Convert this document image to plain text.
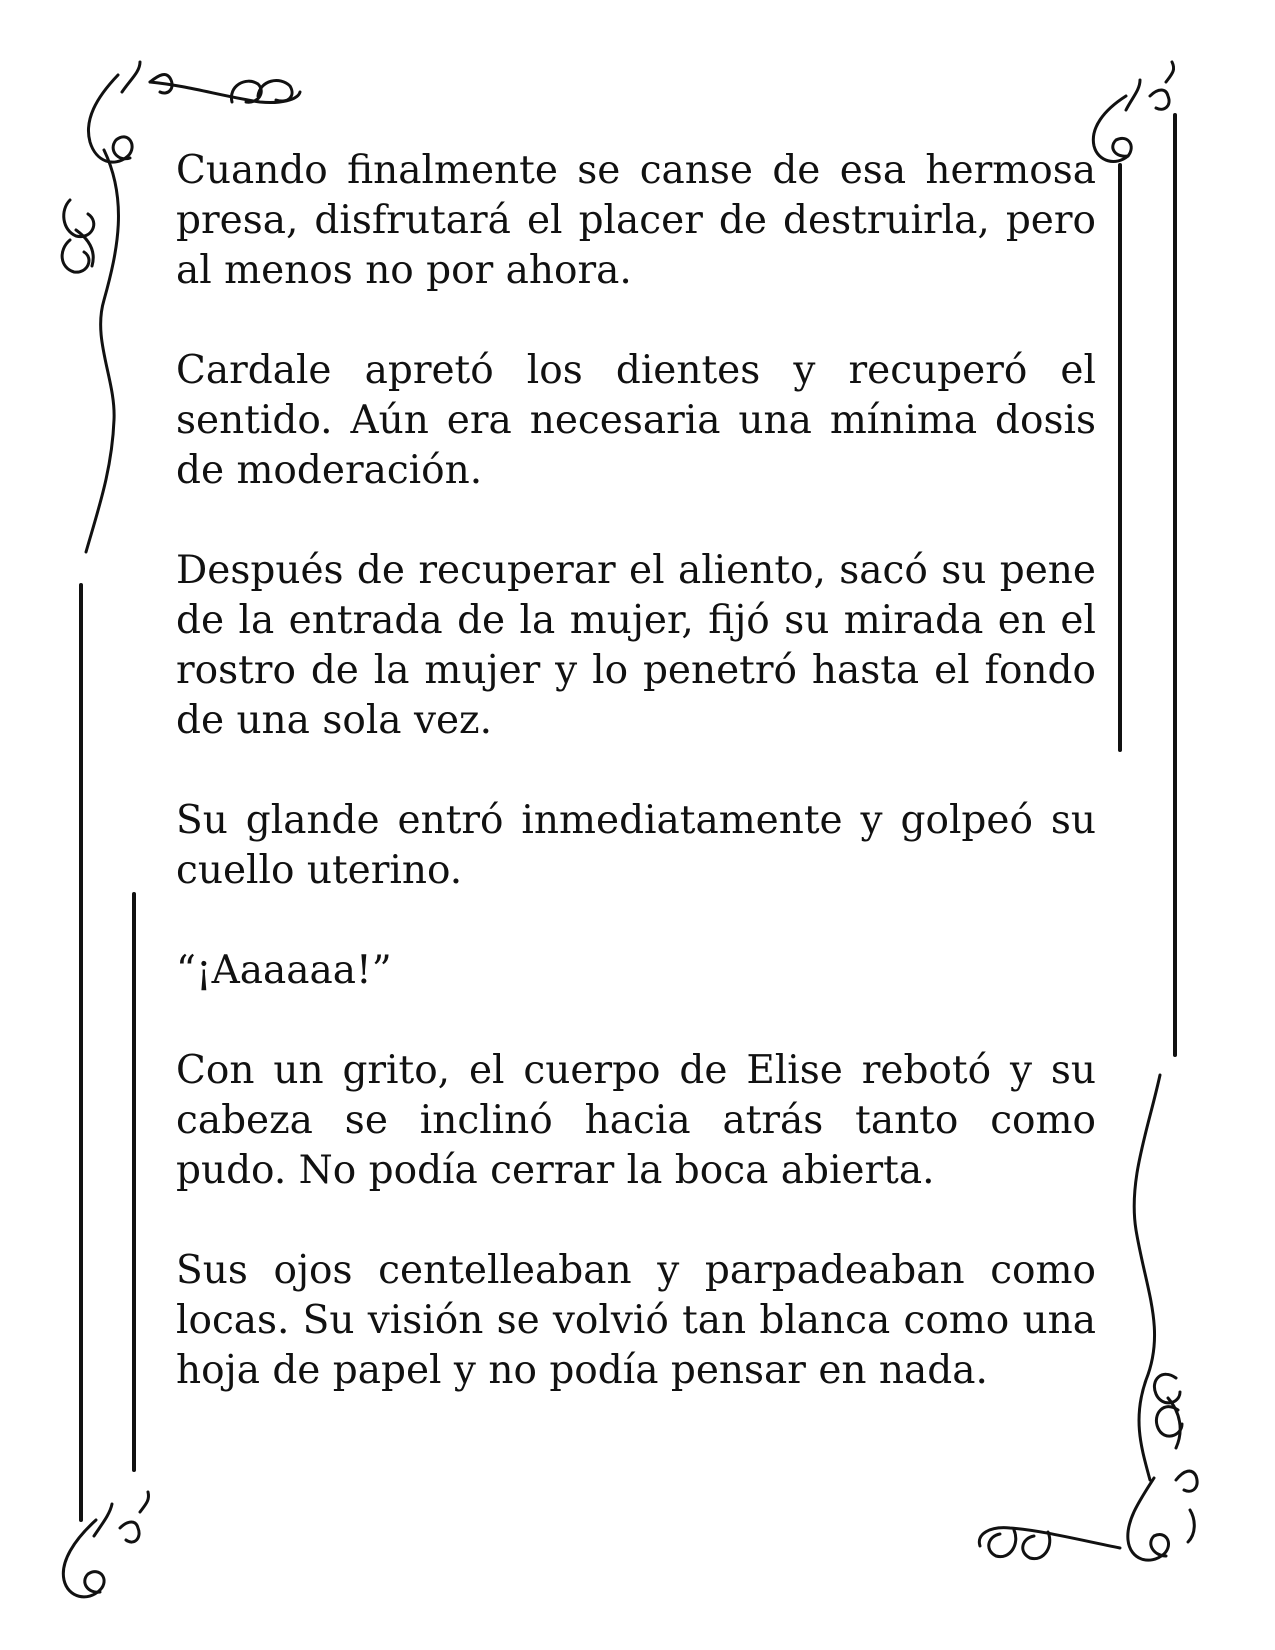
Cuando finalmente se canse de esa hermosa presa, disfrutará el placer de destruirla, pero al menos no por ahora.

Cardale apretó los dientes y recuperó el sentido. Aún era necesaria una mínima dosis de moderación.

Después de recuperar el aliento, sacó su pene de la entrada de la mujer, fijó su mirada en el rostro de la mujer y lo penetró hasta el fondo de una sola vez.

Su glande entró inmediatamente y golpeó su cuello uterino.

“¡Aaaaaa!”

Con un grito, el cuerpo de Elise rebotó y su cabeza se inclinó hacia atrás tanto como pudo. No podía cerrar la boca abierta.

Sus ojos centelleaban y parpadeaban como locas. Su visión se volvió tan blanca como una hoja de papel y no podía pensar en nada.
